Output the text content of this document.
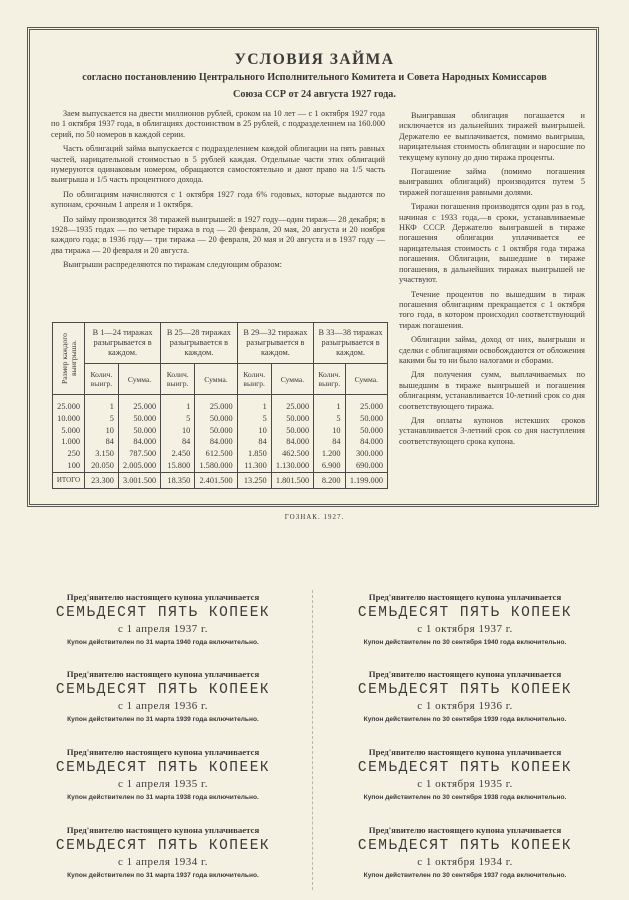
УСЛОВИЯ ЗАЙМА
согласно постановлению Центрального Исполнительного Комитета и Совета Народных Комиссаров
Союза ССР от 24 августа 1927 года.

Заем выпускается на двести миллионов рублей, сроком на 10 лет — с 1 октября 1927 года по 1 октября 1937 года, в облигациях достоинством в 25 рублей, с подразделением на 160.000 серий, по 50 номеров в каждой серии.

Часть облигаций займа выпускается с подразделением каждой облигации на пять равных частей, нарицательной стоимостью в 5 рублей каждая. Отдельные части этих облигаций нумеруются одинаковым номером, обращаются самостоятельно и дают право на 1/5 часть выигрыша и 1/5 часть процентного дохода.

По облигациям начисляются с 1 октября 1927 года 6% годовых, которые выдаются по купонам, срочным 1 апреля и 1 октября.

По займу производится 38 тиражей выигрышей: в 1927 году—один тираж— 28 декабря; в 1928—1935 годах — по четыре тиража в год — 20 февраля, 20 мая, 20 августа и 20 ноября каждого года; в 1936 году— три тиража — 20 февраля, 20 мая и 20 августа и в 1937 году — два тиража — 20 февраля и 20 августа.

Выигрыши распределяются по тиражам следующим образом:

Выигравшая облигация погашается и исключается из дальнейших тиражей выигрышей. Держателю ее выплачивается, помимо выигрыша, нарицательная стоимость облигации и наросшие по текущему купону до дню тиража проценты.

Погашение займа (помимо погашения выигравших облигаций) производится путем 5 тиражей погашения равными долями.

Тиражи погашения производятся один раз в год, начиная с 1933 года,—в сроки, устанавливаемые НКФ СССР. Держателю выигравшей в тираже погашения облигации уплачивается ее нарицательная стоимость с 1 октября года тиража погашения. Облигации, вышедшие в тираже погашения, в дальнейших тиражах выигрышей не участвуют.

Течение процентов по вышедшим в тираж погашения облигациям прекращается с 1 октября того года, в котором происходил соответствующий тираж погашения.

Облигации займа, доход от них, выигрыши и сделки с облигациями освобождаются от обложения какими бы то ни было налогами и сборами.

Для получения сумм, выплачиваемых по вышедшим в тираже выигрышей и погашения облигациям, устанавливается 10-летний срок со дня соответствующего тиража.

Для оплаты купонов истекших сроков устанавливается 3-летний срок со дня наступления соответствующего срока купона.

Размер каждого выигрыша.	В 1—24 тиражах разыгрывается в каждом.		В 25—28 тиражах разыгрывается в каждом.		В 29—32 тиражах разыгрывается в каждом.		В 33—38 тиражах разыгрывается в каждом.	
	Колич. выигр.	Сумма.	Колич. выигр.	Сумма.	Колич. выигр.	Сумма.	Колич. выигр.	Сумма.
25.000	1	25.000	1	25.000	1	25.000	1	25.000
10.000	5	50.000	5	50.000	5	50.000	5	50.000
5.000	10	50.000	10	50.000	10	50.000	10	50.000
1.000	84	84.000	84	84.000	84	84.000	84	84.000
250	3.150	787.500	2.450	612.500	1.850	462.500	1.200	300.000
100	20.050	2.005.000	15.800	1.580.000	11.300	1.130.000	6.900	690.000
ИТОГО	23.300	3.001.500	18.350	2.401.500	13.250	1.801.500	8.200	1.199.000
ГОЗНАК. 1927.
Пред'явителю настоящего купона уплачивается
СЕМЬДЕСЯТ ПЯТЬ КОПЕЕК
с 1 апреля 1937 г.
Купон действителен по 31 марта 1940 года включительно.
Пред'явителю настоящего купона уплачивается
СЕМЬДЕСЯТ ПЯТЬ КОПЕЕК
с 1 апреля 1936 г.
Купон действителен по 31 марта 1939 года включительно.
Пред'явителю настоящего купона уплачивается
СЕМЬДЕСЯТ ПЯТЬ КОПЕЕК
с 1 апреля 1935 г.
Купон действителен по 31 марта 1938 года включительно.
Пред'явителю настоящего купона уплачивается
СЕМЬДЕСЯТ ПЯТЬ КОПЕЕК
с 1 апреля 1934 г.
Купон действителен по 31 марта 1937 года включительно.
Пред'явителю настоящего купона уплачивается
СЕМЬДЕСЯТ ПЯТЬ КОПЕЕК
с 1 октября 1937 г.
Купон действителен по 30 сентября 1940 года включительно.
Пред'явителю настоящего купона уплачивается
СЕМЬДЕСЯТ ПЯТЬ КОПЕЕК
с 1 октября 1936 г.
Купон действителен по 30 сентября 1939 года включительно.
Пред'явителю настоящего купона уплачивается
СЕМЬДЕСЯТ ПЯТЬ КОПЕЕК
с 1 октября 1935 г.
Купон действителен по 30 сентября 1938 года включительно.
Пред'явителю настоящего купона уплачивается
СЕМЬДЕСЯТ ПЯТЬ КОПЕЕК
с 1 октября 1934 г.
Купон действителен по 30 сентября 1937 года включительно.
